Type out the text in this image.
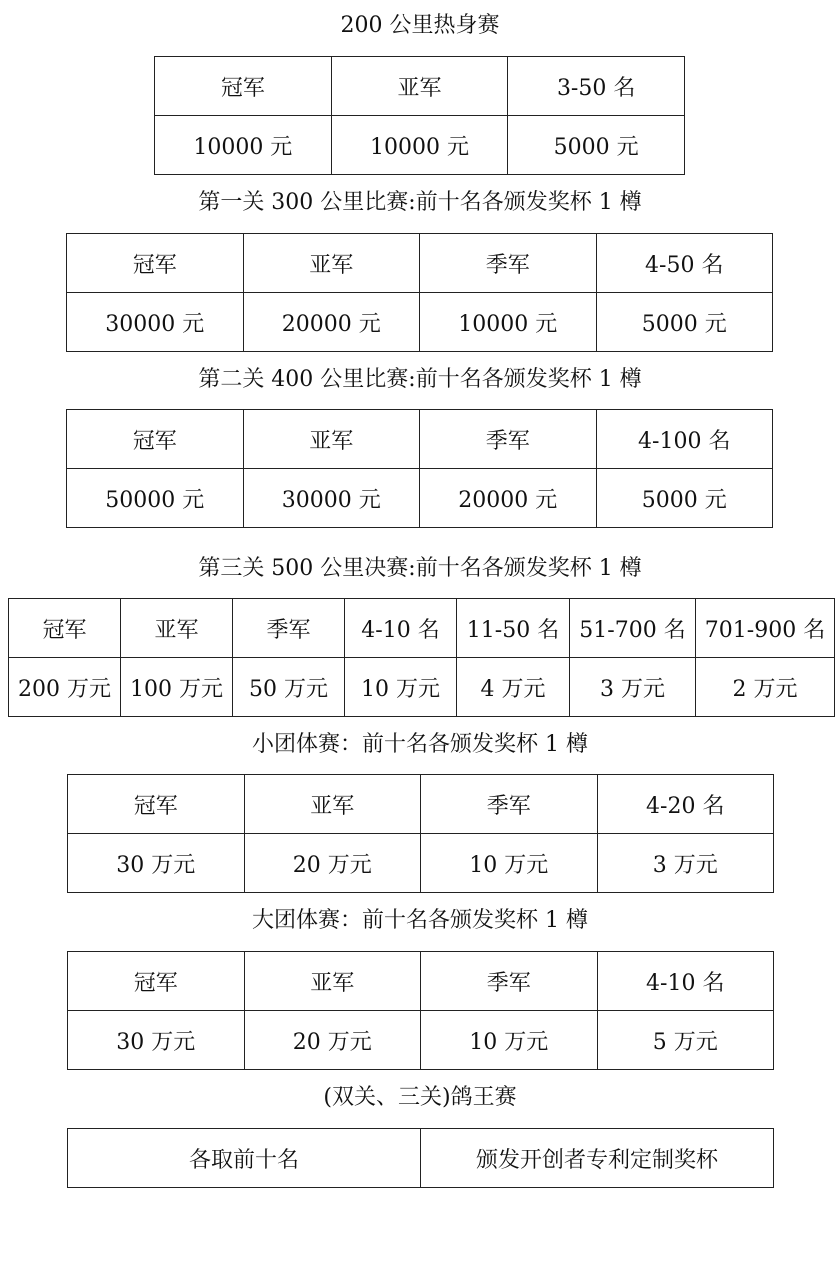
200 公里热身赛
冠军	亚军	3-50 名
10000 元	10000 元	5000 元
第一关 300 公里比赛:前十名各颁发奖杯 1 樽
冠军	亚军	季军	4-50 名
30000 元	20000 元	10000 元	5000 元
第二关 400 公里比赛:前十名各颁发奖杯 1 樽
冠军	亚军	季军	4-100 名
50000 元	30000 元	20000 元	5000 元
第三关 500 公里决赛:前十名各颁发奖杯 1 樽
冠军	亚军	季军	4-10 名	11-50 名	51-700 名	701-900 名
200 万元	100 万元	50 万元	10 万元	4 万元	3 万元	2 万元
小团体赛：前十名各颁发奖杯 1 樽
冠军	亚军	季军	4-20 名
30 万元	20 万元	10 万元	3 万元
大团体赛：前十名各颁发奖杯 1 樽
冠军	亚军	季军	4-10 名
30 万元	20 万元	10 万元	5 万元
(双关、三关)鸽王赛
各取前十名	颁发开创者专利定制奖杯
